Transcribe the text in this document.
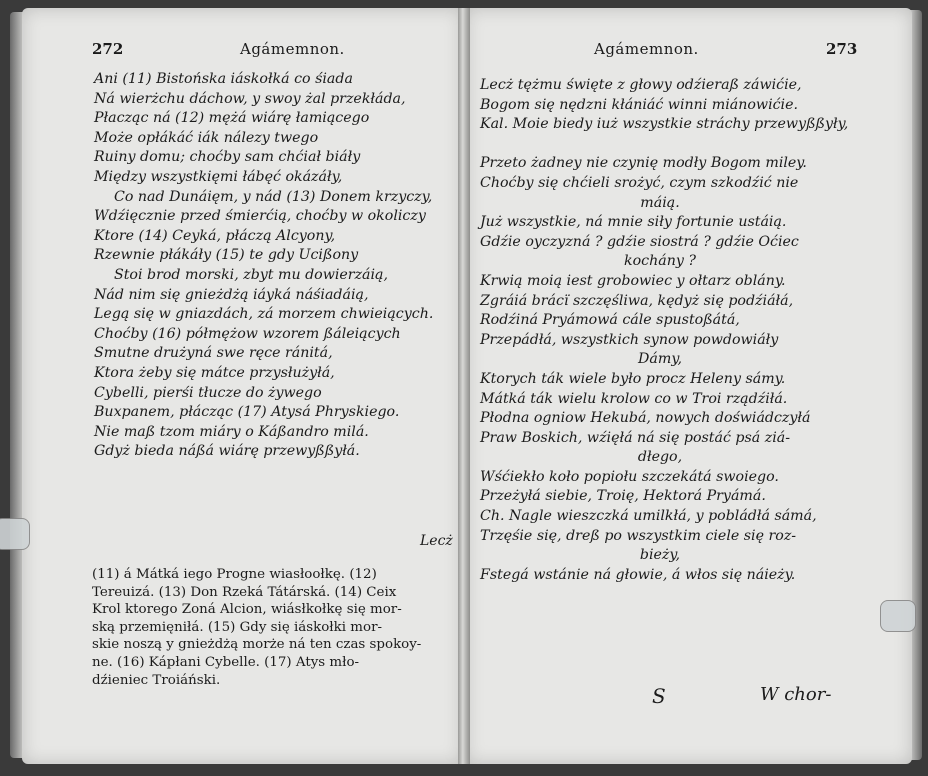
272	Agámemnon.
Ani (11) Bistońska iáskołká co śiada
Ná wierżchu dáchow, y swoy żal przekłáda,
Płacząc ná (12) mężá wiárę łamiącego
Może opłákáć iák nálezy twego
Ruiny domu; choćby sam chćiał biáły
Między wszystkięmi łábęć okázáły,
Co nad Dunáięm, y nád (13) Donem krzyczy,
Wdźięcznie przed śmierćią, choćby w okoliczy
Ktore (14) Ceyká, płáczą Alcyony,
Rzewnie płákáły (15) te gdy Ucißony
Stoi brod morski, zbyt mu dowierzáią,
Nád nim się gnieżdżą iáyká náśiadáią,
Legą się w gniazdách, zá morzem chwieiących.
Choćby (16) półmężow wzorem ßáleiących
Smutne drużyná swe ręce ránitá,
Ktora żeby się mátce przysłużyłá,
Cybelli, pierśi tłucze do żywego
Buxpanem, płácząc (17) Atysá Phryskiego.
Nie maß tzom miáry o Káßandro milá.
Gdyż bieda náßá wiárę przewyßßyłá.
Lecż
(11) á Mátká iego Progne wiasłoołkę. (12)
Tereuizá. (13) Don Rzeká Tátárská. (14) Ceix
Krol ktorego Zoná Alcion, wiásłkołkę się mor-
ską przemięniłá. (15) Gdy się iáskołki mor-
skie noszą y gnieżdżą morże ná ten czas spokoy-
ne. (16) Kápłani Cybelle. (17) Atys mło-
dźieniec Troiáński.
Agámemnon.	273
Lecż tężmu święte z głowy odźieraß záwićie,
Bogom się nędzni kłániáć winni miánowićie.
Kal. Moie biedy iuż wszystkie stráchy przewyßßyły,
Przeto żadney nie czynię modły Bogom miley.
Choćby się chćieli srożyć, czym szkodźić nie
máią.
Już wszystkie, ná mnie siły fortunie ustáią.
Gdźie oyczyzná ? gdźie siostrá ? gdźie Oćiec
kochány ?
Krwią moią iest grobowiec y ołtarz oblány.
Zgráiá brácï szczęśliwa, kędyż się podźiáłá,
Rodźiná Pryámowá cále spustoßátá,
Przepádłá, wszystkich synow powdowiáły
Dámy,
Ktorych ták wiele było procz Heleny sámy.
Mátká ták wielu krolow co w Troi rządźiłá.
Płodna ogniow Hekubá, nowych doświádczyłá
Praw Boskich, wźięłá ná się postáć psá ziá-
dłego,
Wśćiekło koło popiołu szczekátá swoiego.
Przeżyłá siebie, Troię, Hektorá Pryámá.
Ch. Nagle wieszczká umilkłá, y pobládłá sámá,
Trzęśie się, dreß po wszystkim ciele się roz-
bieży,
Fstegá wstánie ná głowie, á włos się náieży.
S	W chor-
